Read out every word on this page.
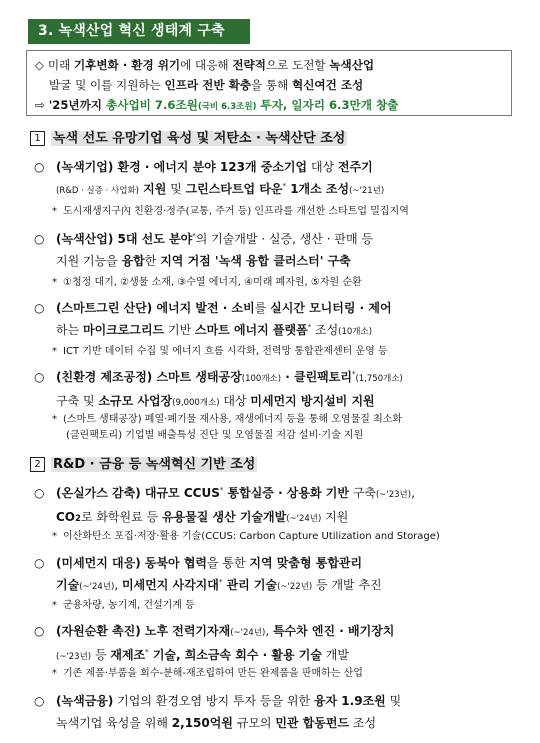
3. 녹색산업 혁신 생태계 구축
◇ 미래 기후변화 · 환경 위기에 대응해 전략적으로 도전할 녹색산업
발굴 및 이를 지원하는 인프라 전반 확충을 통해 혁신여건 조성
⇨ '25년까지 총사업비 7.6조원(국비 6.3조원) 투자, 일자리 6.3만개 창출
1 녹색 선도 유망기업 육성 및 저탄소 · 녹색산단 조성
○ (녹색기업) 환경 · 에너지 분야 123개 중소기업 대상 전주기
(R&D · 실증 · 사업화) 지원 및 그린스타트업 타운* 1개소 조성(~'21년)
* 도시재생지구內 친환경·정주(교통, 주거 등) 인프라를 개선한 스타트업 밀집지역
○ (녹색산업) 5대 선도 분야*의 기술개발 · 실증, 생산 · 판매 등
지원 기능을 융합한 지역 거점 '녹색 융합 클러스터' 구축
* ①청정 대기, ②생물 소재, ③수열 에너지, ④미래 폐자원, ⑤자원 순환
○ (스마트그린 산단) 에너지 발전 · 소비를 실시간 모니터링 · 제어
하는 마이크로그리드 기반 스마트 에너지 플랫폼* 조성(10개소)
* ICT 기반 데이터 수집 및 에너지 흐름 시각화, 전력망 통합관제센터 운영 등
○ (친환경 제조공정) 스마트 생태공장(100개소) · 클린팩토리*(1,750개소)
구축 및 소규모 사업장(9,000개소) 대상 미세먼지 방지설비 지원
* (스마트 생태공장) 폐열·폐기물 재사용, 재생에너지 등을 통해 오염물질 최소화
(클린팩토리) 기업별 배출특성 진단 및 오염물질 저감 설비·기술 지원
2 R&D · 금융 등 녹색혁신 기반 조성
○ (온실가스 감축) 대규모 CCUS* 통합실증 · 상용화 기반 구축(~'23년),
CO2로 화학원료 등 유용물질 생산 기술개발(~'24년) 지원
* 이산화탄소 포집·저장·활용 기술(CCUS: Carbon Capture Utilization and Storage)
○ (미세먼지 대응) 동북아 협력을 통한 지역 맞춤형 통합관리
기술(~'24년), 미세먼지 사각지대* 관리 기술(~'22년) 등 개발 추진
* 군용차량, 농기계, 건설기계 등
○ (자원순환 촉진) 노후 전력기자재(~'24년), 특수차 엔진 · 배기장치
(~'23년) 등 재제조* 기술, 희소금속 회수 · 활용 기술 개발
* 기존 제품·부품을 회수-분해-재조립하여 만든 완제품을 판매하는 산업
○ (녹색금융) 기업의 환경오염 방지 투자 등을 위한 융자 1.9조원 및
녹색기업 육성을 위해 2,150억원 규모의 민관 합동펀드 조성
